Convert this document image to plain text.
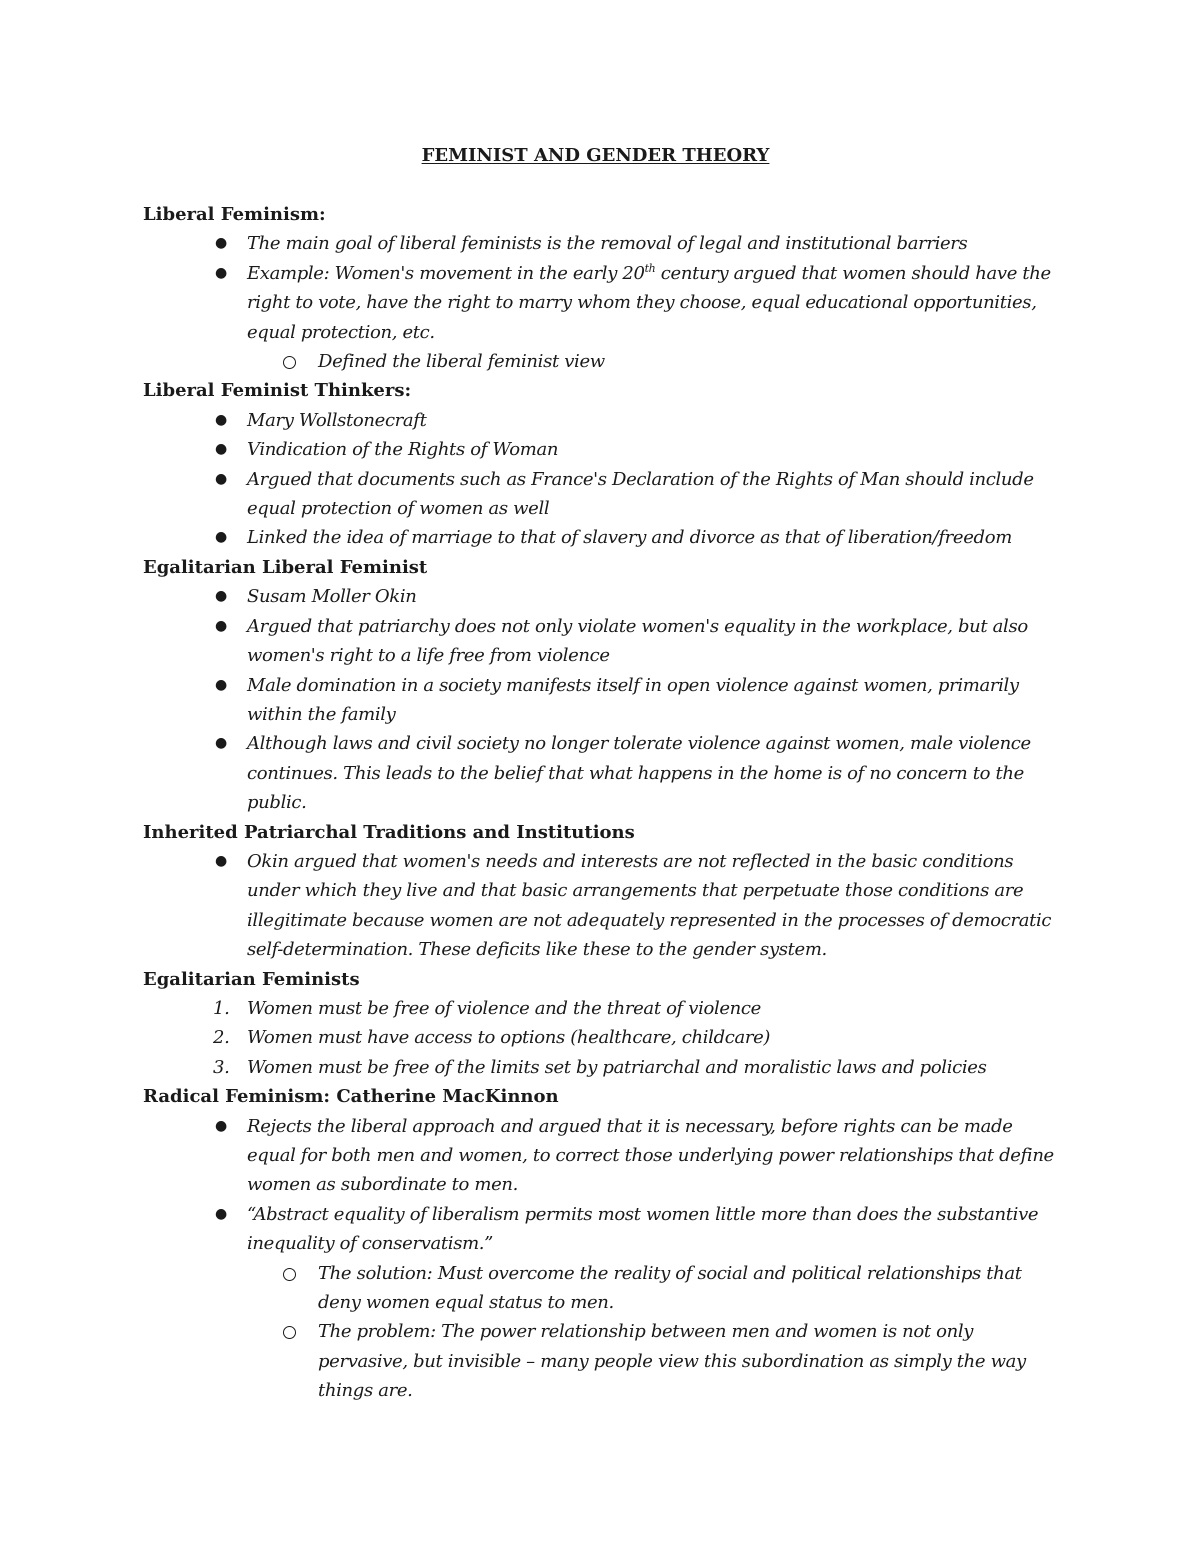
FEMINIST AND GENDER THEORY
Liberal Feminism:
● The main goal of liberal feminists is the removal of legal and institutional barriers
● Example: Women's movement in the early 20th century argued that women should have the right to vote, have the right to marry whom they choose, equal educational opportunities, equal protection, etc.
Defined the liberal feminist view
Liberal Feminist Thinkers:
● Mary Wollstonecraft
● Vindication of the Rights of Woman
● Argued that documents such as France's Declaration of the Rights of Man should include equal protection of women as well
● Linked the idea of marriage to that of slavery and divorce as that of liberation/freedom
Egalitarian Liberal Feminist
● Susam Moller Okin
● Argued that patriarchy does not only violate women's equality in the workplace, but also women's right to a life free from violence
● Male domination in a society manifests itself in open violence against women, primarily within the family
● Although laws and civil society no longer tolerate violence against women, male violence continues. This leads to the belief that what happens in the home is of no concern to the public.
Inherited Patriarchal Traditions and Institutions
● Okin argued that women's needs and interests are not reflected in the basic conditions under which they live and that basic arrangements that perpetuate those conditions are illegitimate because women are not adequately represented in the processes of democratic self-determination. These deficits like these to the gender system.
Egalitarian Feminists
1. Women must be free of violence and the threat of violence
2. Women must have access to options (healthcare, childcare)
3. Women must be free of the limits set by patriarchal and moralistic laws and policies
Radical Feminism: Catherine MacKinnon
● Rejects the liberal approach and argued that it is necessary, before rights can be made equal for both men and women, to correct those underlying power relationships that define women as subordinate to men.
● “Abstract equality of liberalism permits most women little more than does the substantive inequality of conservatism.”
The solution: Must overcome the reality of social and political relationships that deny women equal status to men.
The problem: The power relationship between men and women is not only pervasive, but invisible – many people view this subordination as simply the way things are.
